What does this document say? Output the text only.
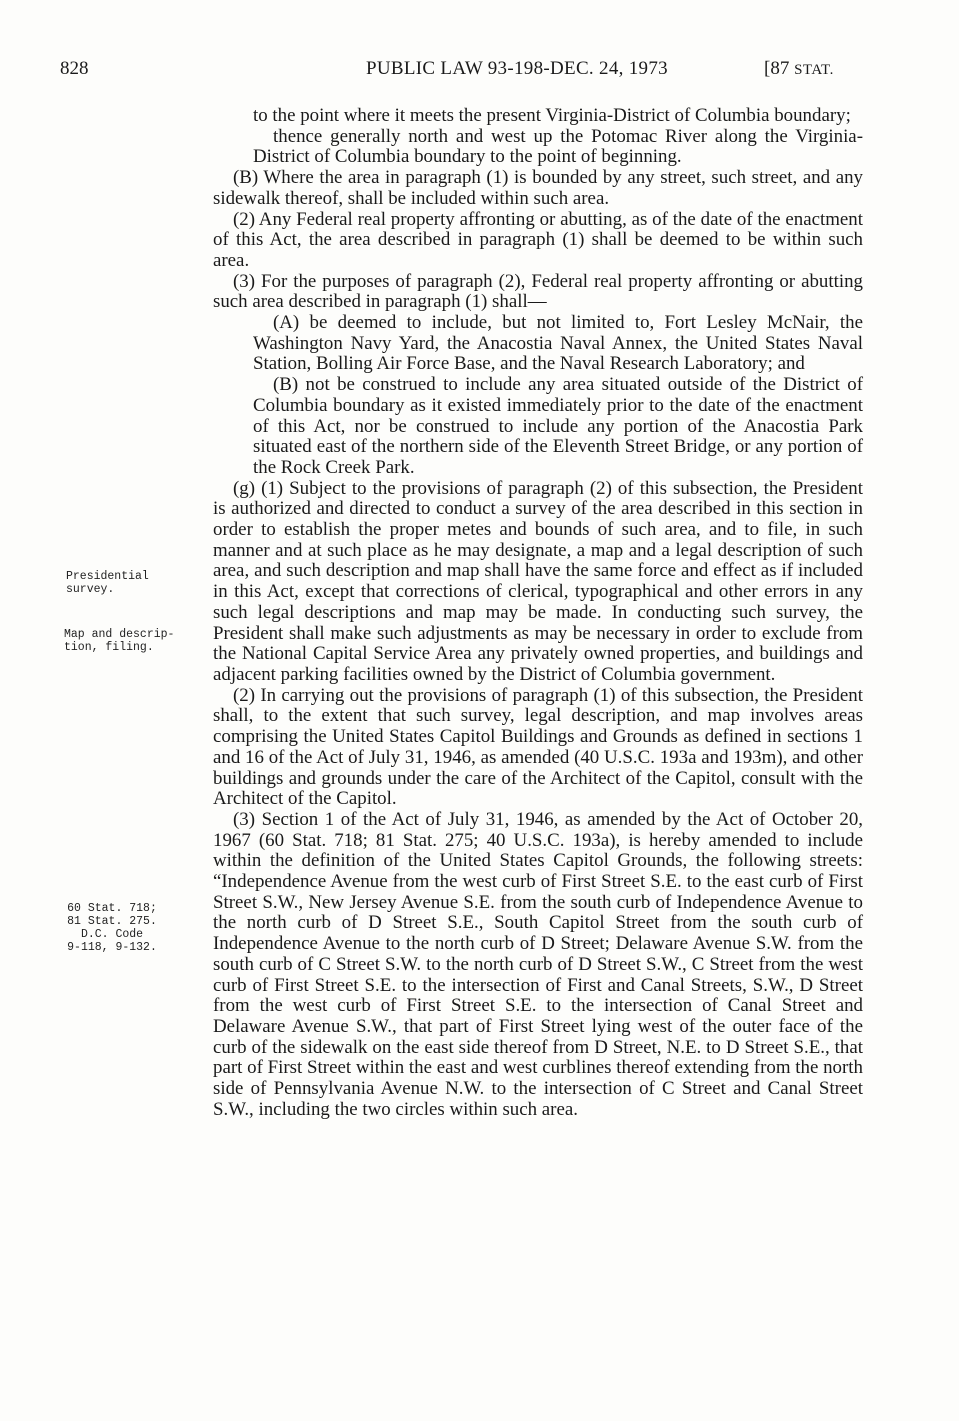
828	PUBLIC LAW 93-198-DEC. 24, 1973	[87 STAT.
Presidential
survey.
Map and descrip-
tion, filing.
60 Stat. 718;
81 Stat. 275.
D.C. Code
9-118, 9-132.

to the point where it meets the present Virginia-District of Columbia boundary;

thence generally north and west up the Potomac River along the Virginia-District of Columbia boundary to the point of beginning.

(B) Where the area in paragraph (1) is bounded by any street, such street, and any sidewalk thereof, shall be included within such area.

(2) Any Federal real property affronting or abutting, as of the date of the enactment of this Act, the area described in paragraph (1) shall be deemed to be within such area.

(3) For the purposes of paragraph (2), Federal real property affronting or abutting such area described in paragraph (1) shall—

(A) be deemed to include, but not limited to, Fort Lesley McNair, the Washington Navy Yard, the Anacostia Naval Annex, the United States Naval Station, Bolling Air Force Base, and the Naval Research Laboratory; and

(B) not be construed to include any area situated outside of the District of Columbia boundary as it existed immediately prior to the date of the enactment of this Act, nor be construed to include any portion of the Anacostia Park situated east of the northern side of the Eleventh Street Bridge, or any portion of the Rock Creek Park.

(g) (1) Subject to the provisions of paragraph (2) of this subsection, the President is authorized and directed to conduct a survey of the area described in this section in order to establish the proper metes and bounds of such area, and to file, in such manner and at such place as he may designate, a map and a legal description of such area, and such description and map shall have the same force and effect as if included in this Act, except that corrections of clerical, typographical and other errors in any such legal descriptions and map may be made. In conducting such survey, the President shall make such adjustments as may be necessary in order to exclude from the National Capital Service Area any privately owned properties, and buildings and adjacent parking facilities owned by the District of Columbia government.

(2) In carrying out the provisions of paragraph (1) of this subsection, the President shall, to the extent that such survey, legal description, and map involves areas comprising the United States Capitol Buildings and Grounds as defined in sections 1 and 16 of the Act of July 31, 1946, as amended (40 U.S.C. 193a and 193m), and other buildings and grounds under the care of the Architect of the Capitol, consult with the Architect of the Capitol.

(3) Section 1 of the Act of July 31, 1946, as amended by the Act of October 20, 1967 (60 Stat. 718; 81 Stat. 275; 40 U.S.C. 193a), is hereby amended to include within the definition of the United States Capitol Grounds, the following streets: “Independence Avenue from the west curb of First Street S.E. to the east curb of First Street S.W., New Jersey Avenue S.E. from the south curb of Independence Avenue to the north curb of D Street S.E., South Capitol Street from the south curb of Independence Avenue to the north curb of D Street; Delaware Avenue S.W. from the south curb of C Street S.W. to the north curb of D Street S.W., C Street from the west curb of First Street S.E. to the intersection of First and Canal Streets, S.W., D Street from the west curb of First Street S.E. to the intersection of Canal Street and Delaware Avenue S.W., that part of First Street lying west of the outer face of the curb of the sidewalk on the east side thereof from D Street, N.E. to D Street S.E., that part of First Street within the east and west curblines thereof extending from the north side of Pennsylvania Avenue N.W. to the intersection of C Street and Canal Street S.W., including the two circles within such area.
